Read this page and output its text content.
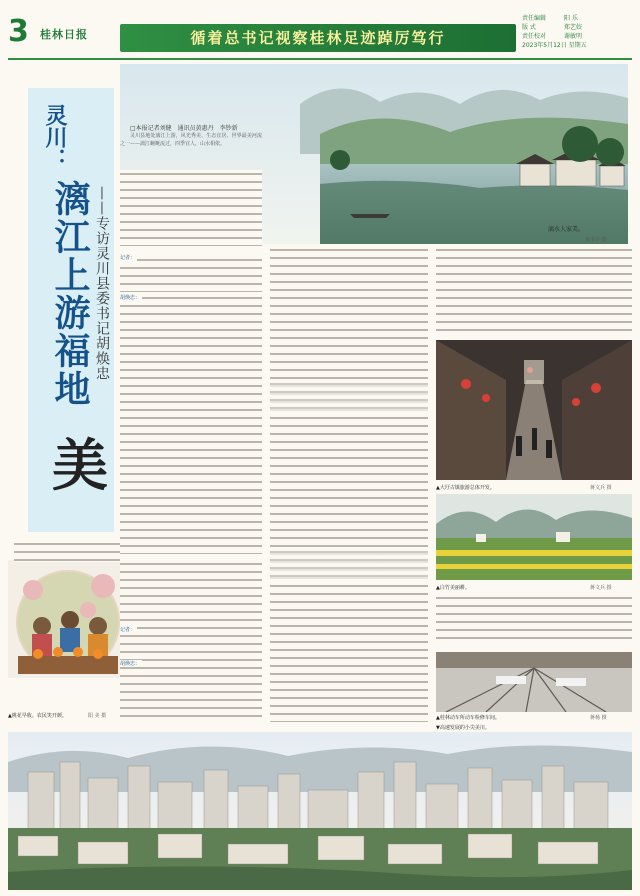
3 桂林日报	循着总书记视察桂林足迹踔厉笃行
责任编辑	阳 乐
版 式	郑艺姣
责任校对	谢敏明
2023年5月12日 星期五
漓水人家美。
黄书平 摄
□本报记者刘健　通讯员黄惠丹　李钞新
灵川：
漓江上游福地 ——专访灵川县委书记胡焕忠
美

灵川县地处漓江上游，风光秀美、生态宜居、世界最美河流之一——漓江蜿蜒流过，四季宜人，山水相依。

记者：
胡焕忠：
▲桃花早收。农民笑开颜。	阳 美 摄
记者：
胡焕忠：
▲大圩古镇旅游总体开发。	蒋文兵 摄
▲白竹美丽耕。	蒋文兵 摄
▲桂林动车所动车检修车间。	蒋杨 摄
▼高速发展的小尖美川。
